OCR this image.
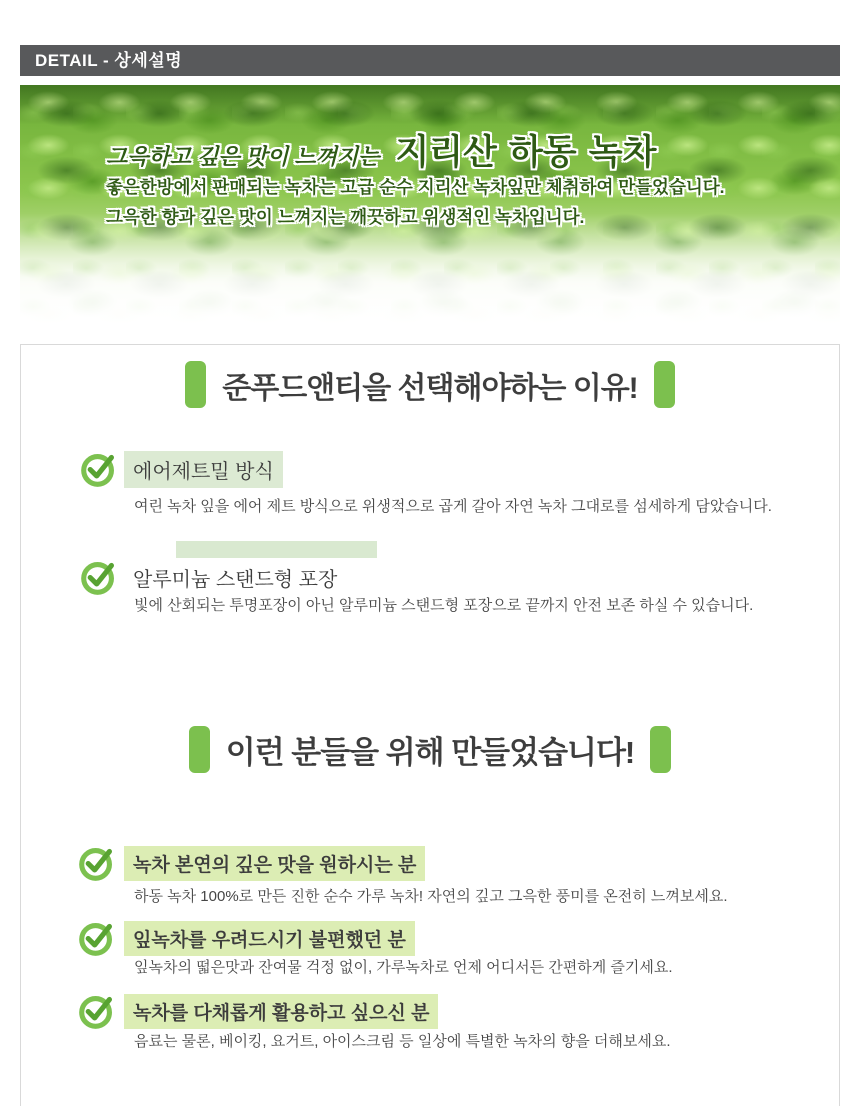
DETAIL - 상세설명
그윽하고 깊은 맛이 느껴지는 지리산 하동 녹차
좋은한방에서 판매되는 녹차는 고급 순수 지리산 녹차잎만 체취하여 만들었습니다.
그윽한 향과 깊은 맛이 느껴지는 깨끗하고 위생적인 녹차입니다.
준푸드앤티을 선택해야하는 이유!
에어제트밀 방식
여린 녹차 잎을 에어 제트 방식으로 위생적으로 곱게 갈아 자연 녹차 그대로를 섬세하게 담았습니다.
알루미늄 스탠드형 포장
빛에 산회되는 투명포장이 아닌 알루미늄 스탠드형 포장으로 끝까지 안전 보존 하실 수 있습니다.
이런 분들을 위해 만들었습니다!
녹차 본연의 깊은 맛을 원하시는 분
하동 녹차 100%로 만든 진한 순수 가루 녹차! 자연의 깊고 그윽한 풍미를 온전히 느껴보세요.
잎녹차를 우려드시기 불편했던 분
잎녹차의 떫은맛과 잔여물 걱정 없이, 가루녹차로 언제 어디서든 간편하게 즐기세요.
녹차를 다채롭게 활용하고 싶으신 분
음료는 물론, 베이킹, 요거트, 아이스크림 등 일상에 특별한 녹차의 향을 더해보세요.
